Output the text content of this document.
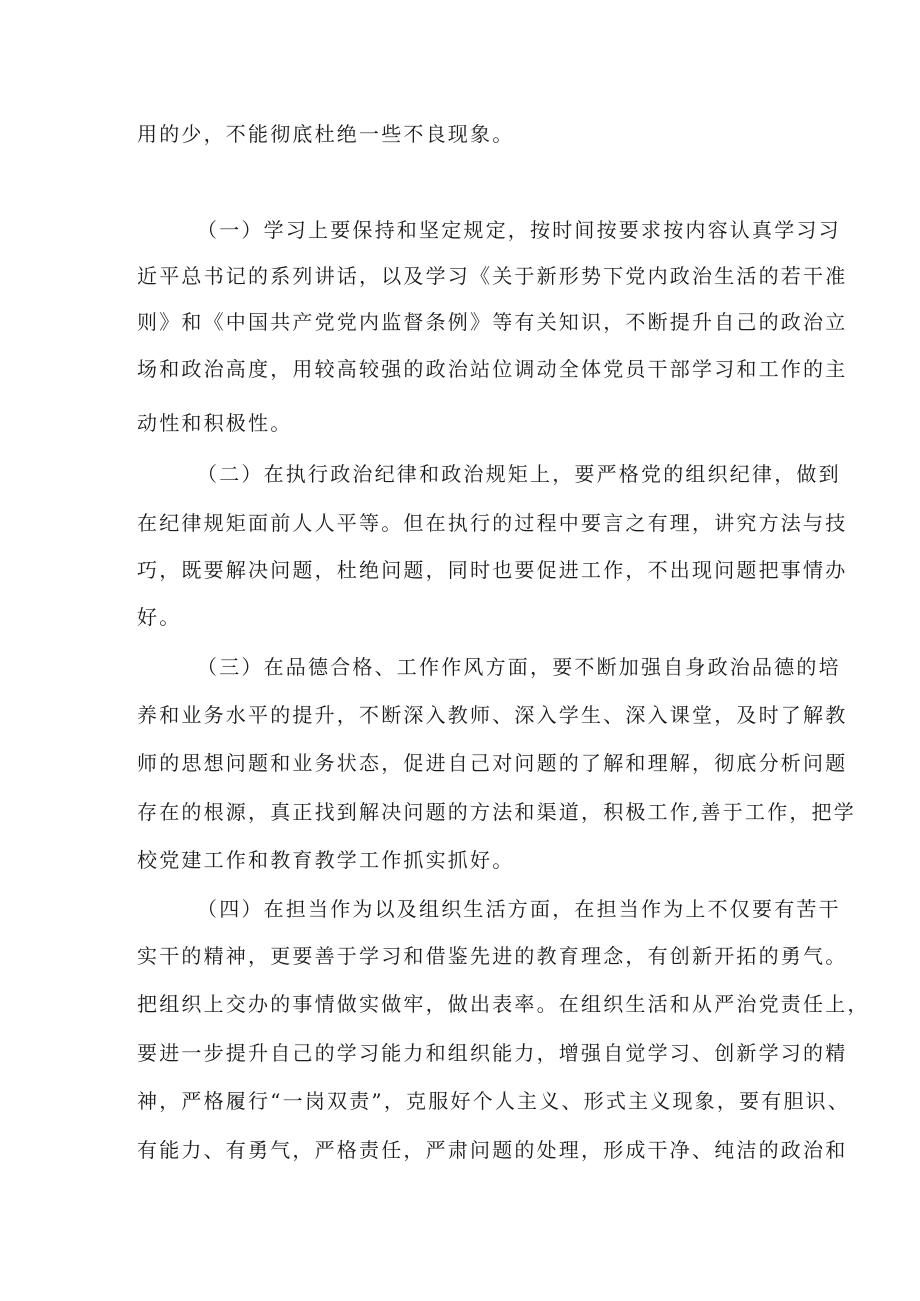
用的少，不能彻底杜绝一些不良现象。
（一）学习上要保持和坚定规定，按时间按要求按内容认真学习习
近平总书记的系列讲话，以及学习《关于新形势下党内政治生活的若干准
则》和《中国共产党党内监督条例》等有关知识，不断提升自己的政治立
场和政治高度，用较高较强的政治站位调动全体党员干部学习和工作的主
动性和积极性。
（二）在执行政治纪律和政治规矩上，要严格党的组织纪律，做到
在纪律规矩面前人人平等。但在执行的过程中要言之有理，讲究方法与技
巧，既要解决问题，杜绝问题，同时也要促进工作，不出现问题把事情办
好。
（三）在品德合格、工作作风方面，要不断加强自身政治品德的培
养和业务水平的提升，不断深入教师、深入学生、深入课堂，及时了解教
师的思想问题和业务状态，促进自己对问题的了解和理解，彻底分析问题
存在的根源，真正找到解决问题的方法和渠道，积极工作,善于工作，把学
校党建工作和教育教学工作抓实抓好。
（四）在担当作为以及组织生活方面，在担当作为上不仅要有苦干
实干的精神，更要善于学习和借鉴先进的教育理念，有创新开拓的勇气。
把组织上交办的事情做实做牢，做出表率。在组织生活和从严治党责任上，
要进一步提升自己的学习能力和组织能力，增强自觉学习、创新学习的精
神，严格履行“一岗双责”，克服好个人主义、形式主义现象，要有胆识、
有能力、有勇气，严格责任，严肃问题的处理，形成干净、纯洁的政治和
